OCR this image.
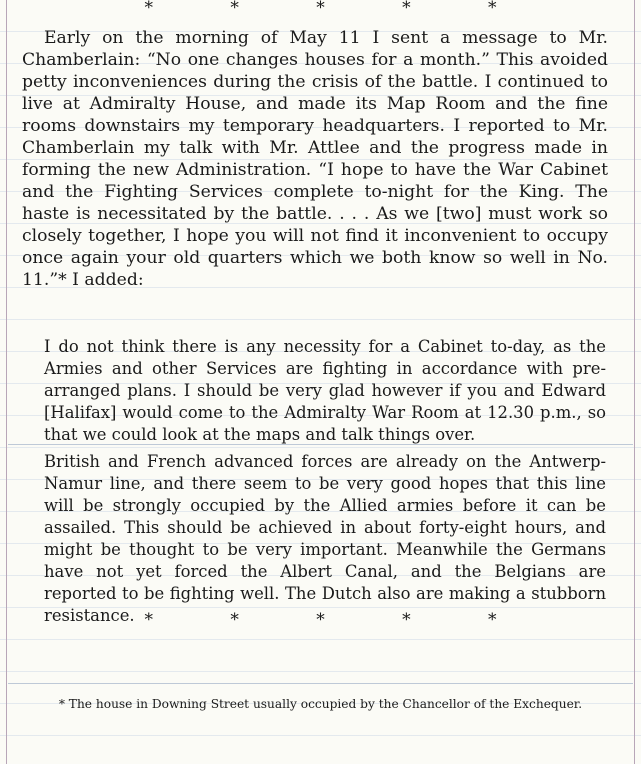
* * * * *

Early on the morning of May 11 I sent a message to Mr. Chamberlain: “No one changes houses for a month.” This avoided petty inconveniences during the crisis of the battle. I continued to live at Admiralty House, and made its Map Room and the fine rooms downstairs my temporary headquarters. I reported to Mr. Chamberlain my talk with Mr. Attlee and the progress made in forming the new Administration. “I hope to have the War Cabinet and the Fighting Services complete to-night for the King. The haste is necessitated by the battle. . . . As we [two] must work so closely together, I hope you will not find it inconvenient to occupy once again your old quarters which we both know so well in No. 11.”* I added:

I do not think there is any necessity for a Cabinet to-day, as the Armies and other Services are fighting in accordance with pre-arranged plans. I should be very glad however if you and Edward [Halifax] would come to the Admiralty War Room at 12.30 p.m., so that we could look at the maps and talk things over.

British and French advanced forces are already on the Antwerp-Namur line, and there seem to be very good hopes that this line will be strongly occupied by the Allied armies before it can be assailed. This should be achieved in about forty-eight hours, and might be thought to be very important. Meanwhile the Germans have not yet forced the Albert Canal, and the Belgians are reported to be fighting well. The Dutch also are making a stubborn resistance. * * * * *
* The house in Downing Street usually occupied by the Chancellor of the Exchequer.
